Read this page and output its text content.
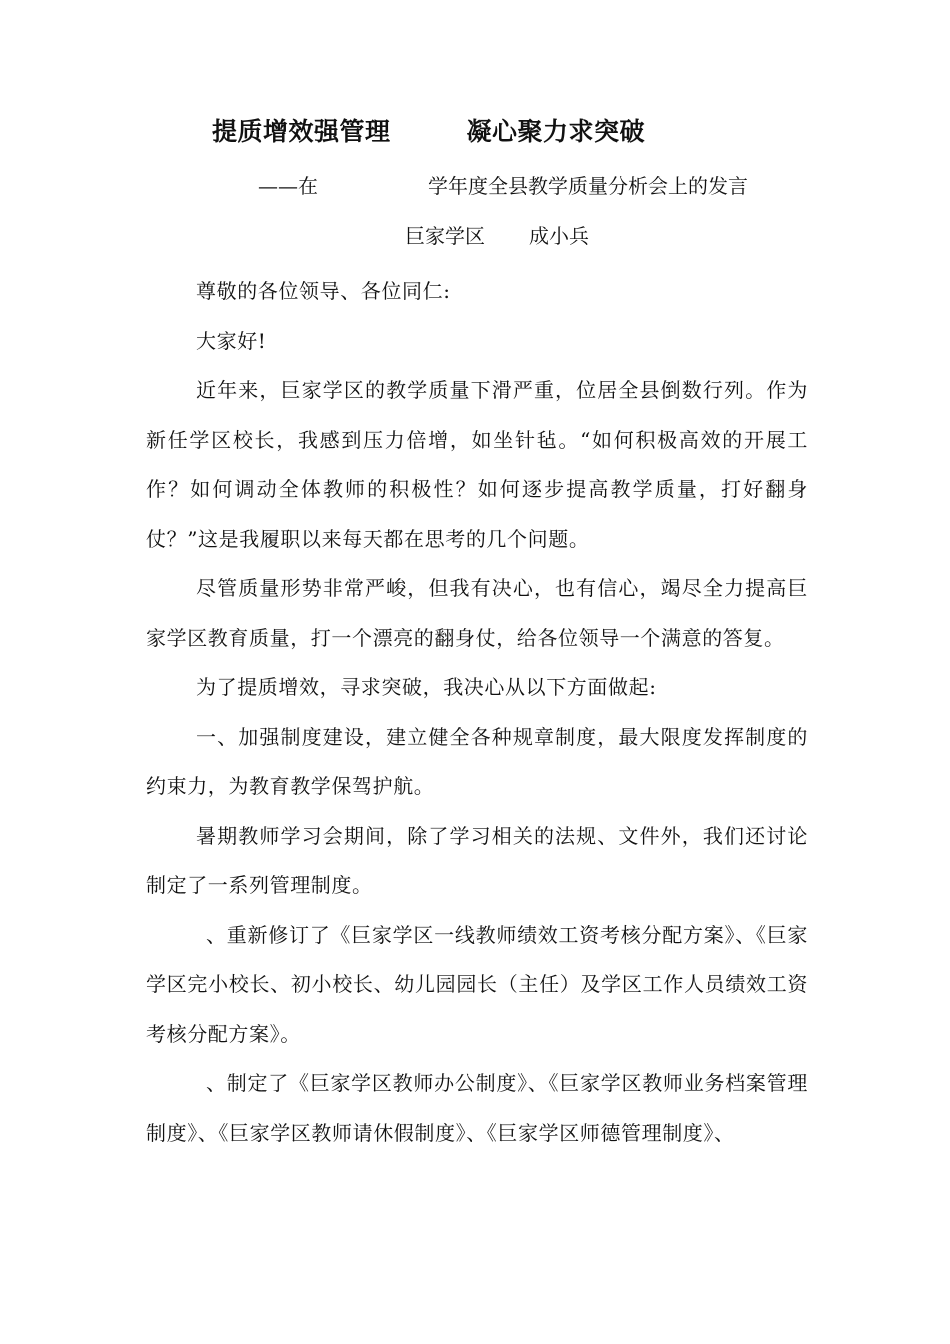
提质增效强管理	凝心聚力求突破
——在	学年度全县教学质量分析会上的发言
巨家学区 成小兵

尊敬的各位领导、各位同仁:

大家好!

近年来，巨家学区的教学质量下滑严重，位居全县倒数行列。作为新任学区校长，我感到压力倍增，如坐针毡。“如何积极高效的开展工作？如何调动全体教师的积极性？如何逐步提高教学质量，打好翻身仗？”这是我履职以来每天都在思考的几个问题。

尽管质量形势非常严峻，但我有决心，也有信心，竭尽全力提高巨家学区教育质量，打一个漂亮的翻身仗，给各位领导一个满意的答复。

为了提质增效，寻求突破，我决心从以下方面做起:

一、加强制度建设，建立健全各种规章制度，最大限度发挥制度的约束力，为教育教学保驾护航。

暑期教师学习会期间，除了学习相关的法规、文件外，我们还讨论制定了一系列管理制度。

、重新修订了《巨家学区一线教师绩效工资考核分配方案》、《巨家学区完小校长、初小校长、幼儿园园长（主任）及学区工作人员绩效工资考核分配方案》。

、制定了《巨家学区教师办公制度》、《巨家学区教师业务档案管理制度》、《巨家学区教师请休假制度》、《巨家学区师德管理制度》、
